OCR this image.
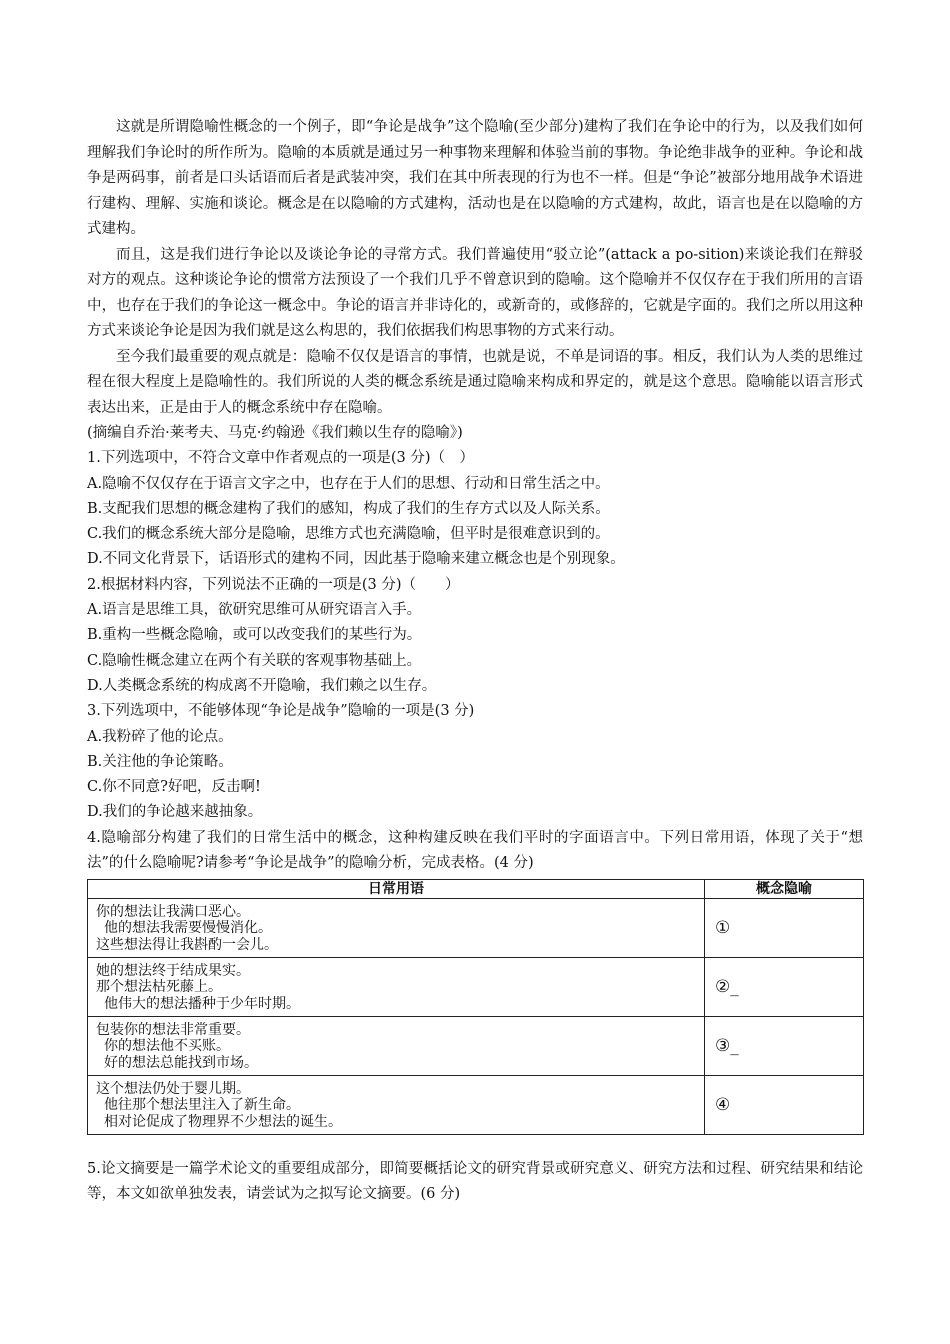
这就是所谓隐喻性概念的一个例子，即“争论是战争”这个隐喻(至少部分)建构了我们在争论中的行为，以及我们如何理解我们争论时的所作所为。隐喻的本质就是通过另一种事物来理解和体验当前的事物。争论绝非战争的亚种。争论和战争是两码事，前者是口头话语而后者是武装冲突，我们在其中所表现的行为也不一样。但是“争论”被部分地用战争术语进行建构、理解、实施和谈论。概念是在以隐喻的方式建构，活动也是在以隐喻的方式建构，故此，语言也是在以隐喻的方式建构。

而且，这是我们进行争论以及谈论争论的寻常方式。我们普遍使用“驳立论”(attack a po-sition)来谈论我们在辩驳对方的观点。这种谈论争论的惯常方法预设了一个我们几乎不曾意识到的隐喻。这个隐喻并不仅仅存在于我们所用的言语中，也存在于我们的争论这一概念中。争论的语言并非诗化的，或新奇的，或修辞的，它就是字面的。我们之所以用这种方式来谈论争论是因为我们就是这么构思的，我们依据我们构思事物的方式来行动。

至今我们最重要的观点就是：隐喻不仅仅是语言的事情，也就是说，不单是词语的事。相反，我们认为人类的思维过程在很大程度上是隐喻性的。我们所说的人类的概念系统是通过隐喻来构成和界定的，就是这个意思。隐喻能以语言形式表达出来，正是由于人的概念系统中存在隐喻。

(摘编自乔治·莱考夫、马克·约翰逊《我们赖以生存的隐喻》)
1.下列选项中，不符合文章中作者观点的一项是(3 分)（　）
A.隐喻不仅仅存在于语言文字之中，也存在于人们的思想、行动和日常生活之中。
B.支配我们思想的概念建构了我们的感知，构成了我们的生存方式以及人际关系。
C.我们的概念系统大部分是隐喻，思维方式也充满隐喻，但平时是很难意识到的。
D.不同文化背景下，话语形式的建构不同，因此基于隐喻来建立概念也是个别现象。
2.根据材料内容，下列说法不正确的一项是(3 分)（　　）
A.语言是思维工具，欲研究思维可从研究语言入手。
B.重构一些概念隐喻，或可以改变我们的某些行为。
C.隐喻性概念建立在两个有关联的客观事物基础上。
D.人类概念系统的构成离不开隐喻，我们赖之以生存。
3.下列选项中，不能够体现“争论是战争”隐喻的一项是(3 分)
A.我粉碎了他的论点。
B.关注他的争论策略。
C.你不同意?好吧，反击啊!
D.我们的争论越来越抽象。

4.隐喻部分构建了我们的日常生活中的概念，这种构建反映在我们平时的字面语言中。下列日常用语，体现了关于“想法”的什么隐喻呢?请参考“争论是战争”的隐喻分析，完成表格。(4 分)

日常用语	概念隐喻

你的想法让我满口恶心。
他的想法我需要慢慢消化。
这些想法得让我斟酌一会儿。	①

她的想法终于结成果实。
那个想法枯死藤上。
他伟大的想法播种于少年时期。	②_

包装你的想法非常重要。
你的想法他不买账。
好的想法总能找到市场。	③_

这个想法仍处于婴儿期。
他往那个想法里注入了新生命。
相对论促成了物理界不少想法的诞生。	④

5.论文摘要是一篇学术论文的重要组成部分，即简要概括论文的研究背景或研究意义、研究方法和过程、研究结果和结论等，本文如欲单独发表，请尝试为之拟写论文摘要。(6 分)
